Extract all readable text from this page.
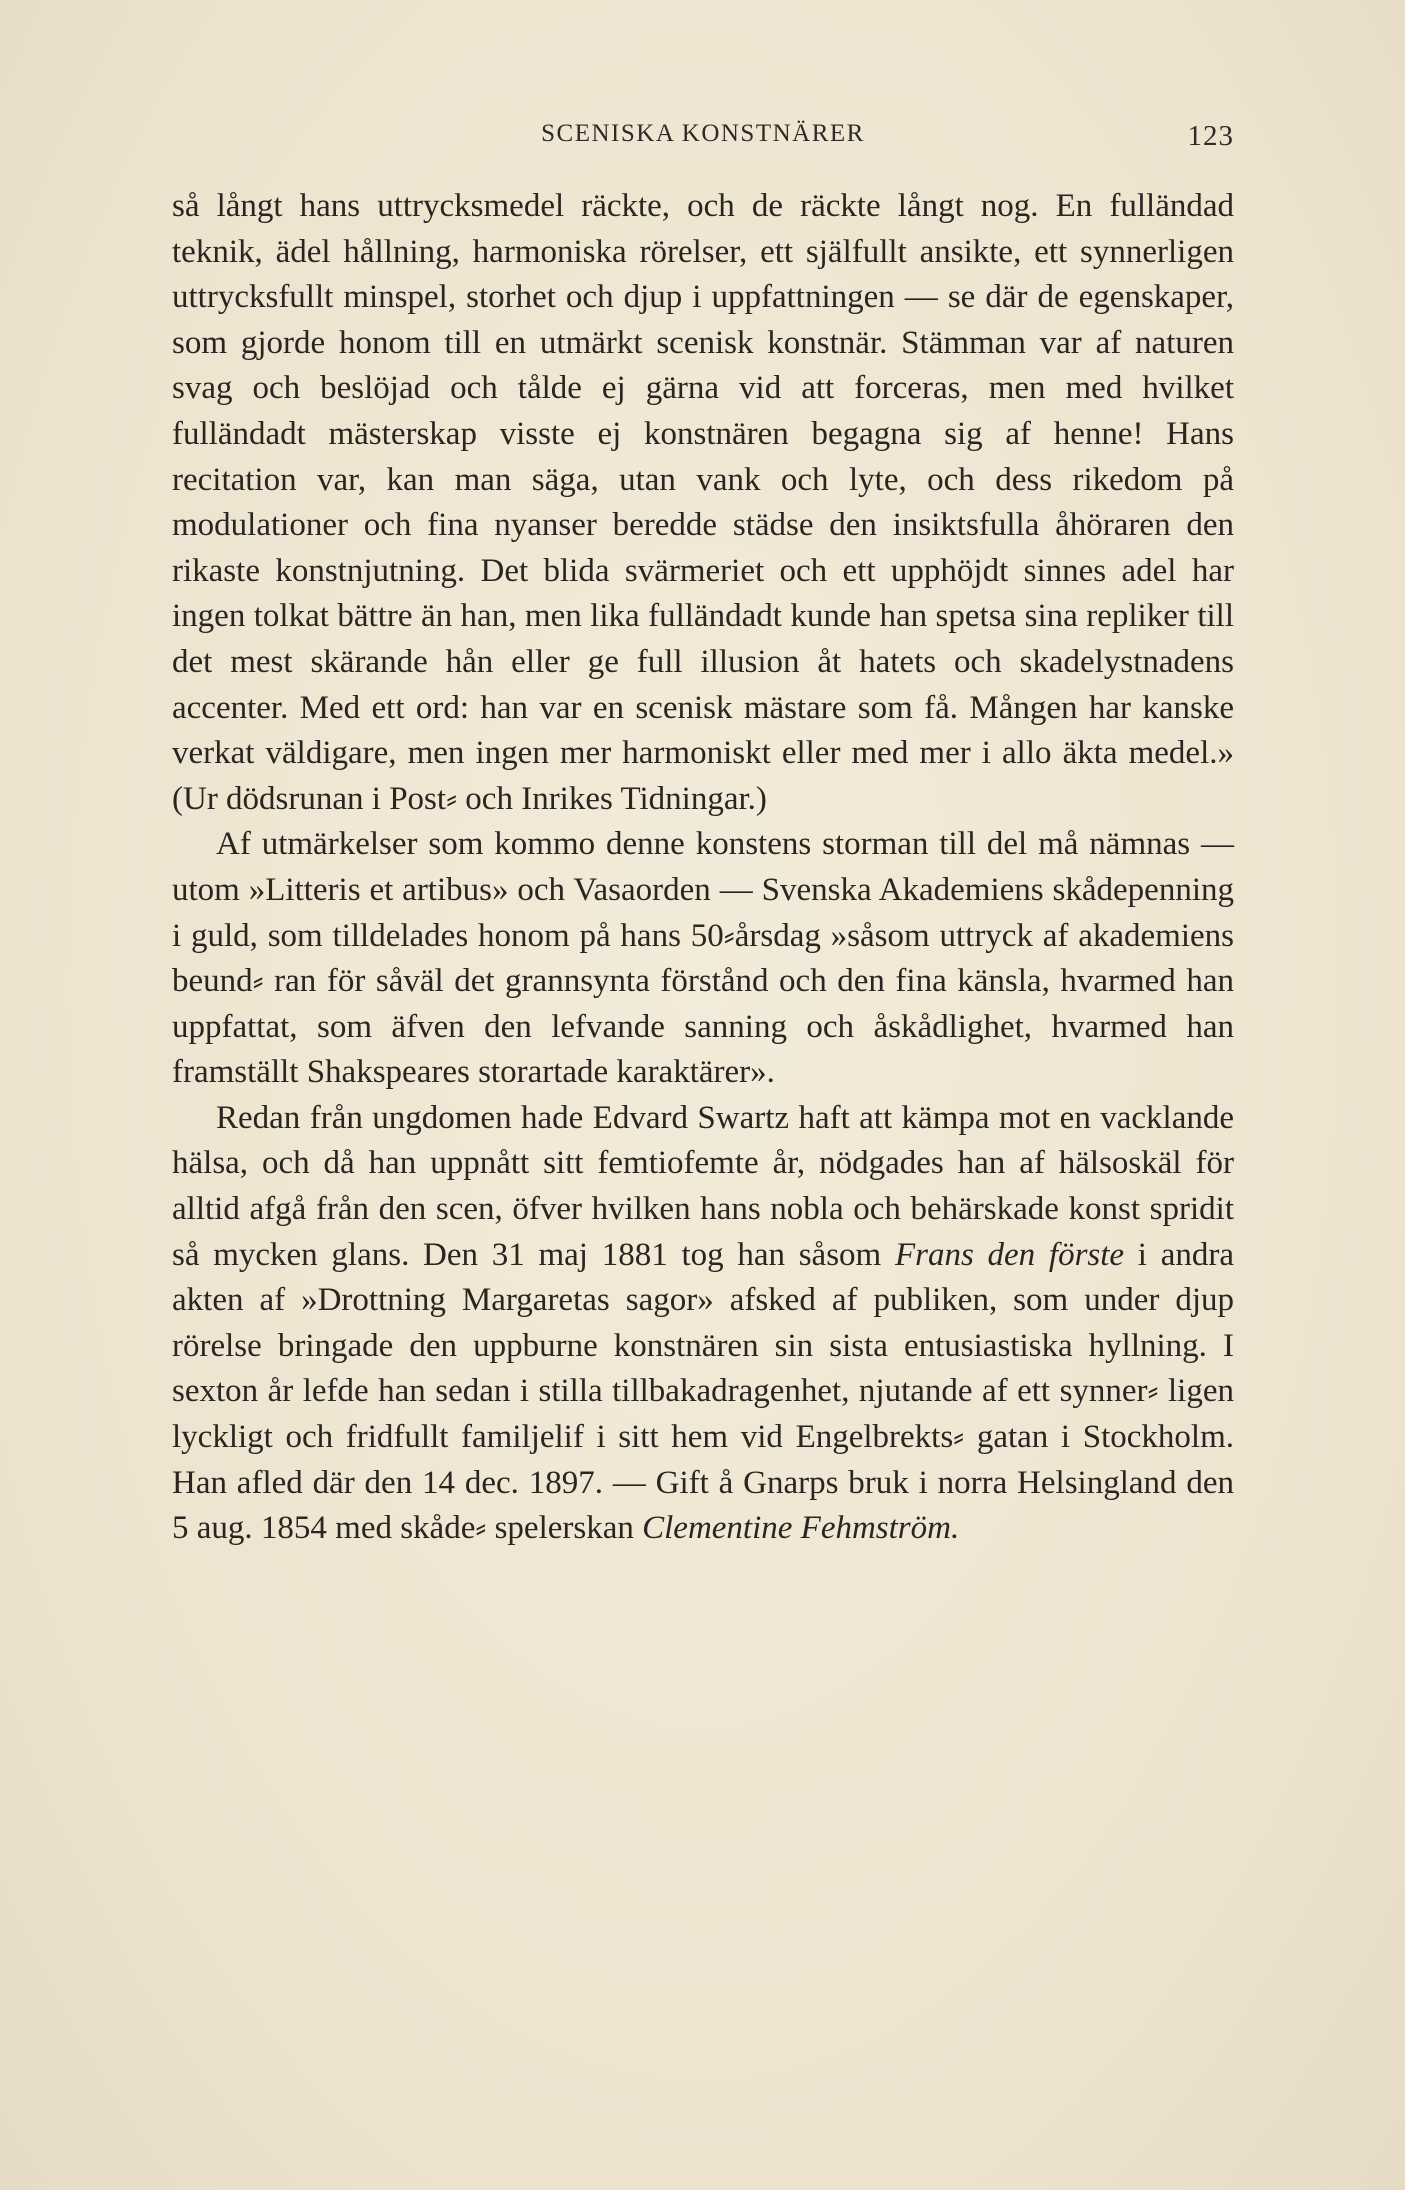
SCENISKA KONSTNÄRER	123

så långt hans uttrycksmedel räckte, och de räckte långt nog. En fulländad teknik, ädel hållning, harmoniska rörelser, ett själfullt ansikte, ett synnerligen uttrycksfullt minspel, storhet och djup i uppfattningen — se där de egenskaper, som gjorde honom till en utmärkt scenisk konstnär. Stämman var af naturen svag och beslöjad och tålde ej gärna vid att forceras, men med hvilket fulländadt mästerskap visste ej konstnären begagna sig af henne! Hans recitation var, kan man säga, utan vank och lyte, och dess rikedom på modulationer och fina nyanser beredde städse den insiktsfulla åhöraren den rikaste konstnjutning. Det blida svärmeriet och ett upphöjdt sinnes adel har ingen tolkat bättre än han, men lika fulländadt kunde han spetsa sina repliker till det mest skärande hån eller ge full illusion åt hatets och skadelystnadens accenter. Med ett ord: han var en scenisk mästare som få. Mången har kanske verkat väldigare, men ingen mer harmoniskt eller med mer i allo äkta medel.» (Ur dödsrunan i Post⸗ och Inrikes Tidningar.)

Af utmärkelser som kommo denne konstens storman till del må nämnas — utom »Litteris et artibus» och Vasaorden — Svenska Akademiens skådepenning i guld, som tilldelades honom på hans 50⸗årsdag »såsom uttryck af akademiens beund⸗ ran för såväl det grannsynta förstånd och den fina känsla, hvarmed han uppfattat, som äfven den lefvande sanning och åskådlighet, hvarmed han framställt Shakspeares storartade karaktärer».

Redan från ungdomen hade Edvard Swartz haft att kämpa mot en vacklande hälsa, och då han uppnått sitt femtiofemte år, nödgades han af hälsoskäl för alltid afgå från den scen, öfver hvilken hans nobla och behärskade konst spridit så mycken glans. Den 31 maj 1881 tog han såsom Frans den förste i andra akten af »Drottning Margaretas sagor» afsked af publiken, som under djup rörelse bringade den uppburne konstnären sin sista entusiastiska hyllning. I sexton år lefde han sedan i stilla tillbakadragenhet, njutande af ett synner⸗ ligen lyckligt och fridfullt familjelif i sitt hem vid Engelbrekts⸗ gatan i Stockholm. Han afled där den 14 dec. 1897. — Gift å Gnarps bruk i norra Helsingland den 5 aug. 1854 med skåde⸗ spelerskan Clementine Fehmström.
